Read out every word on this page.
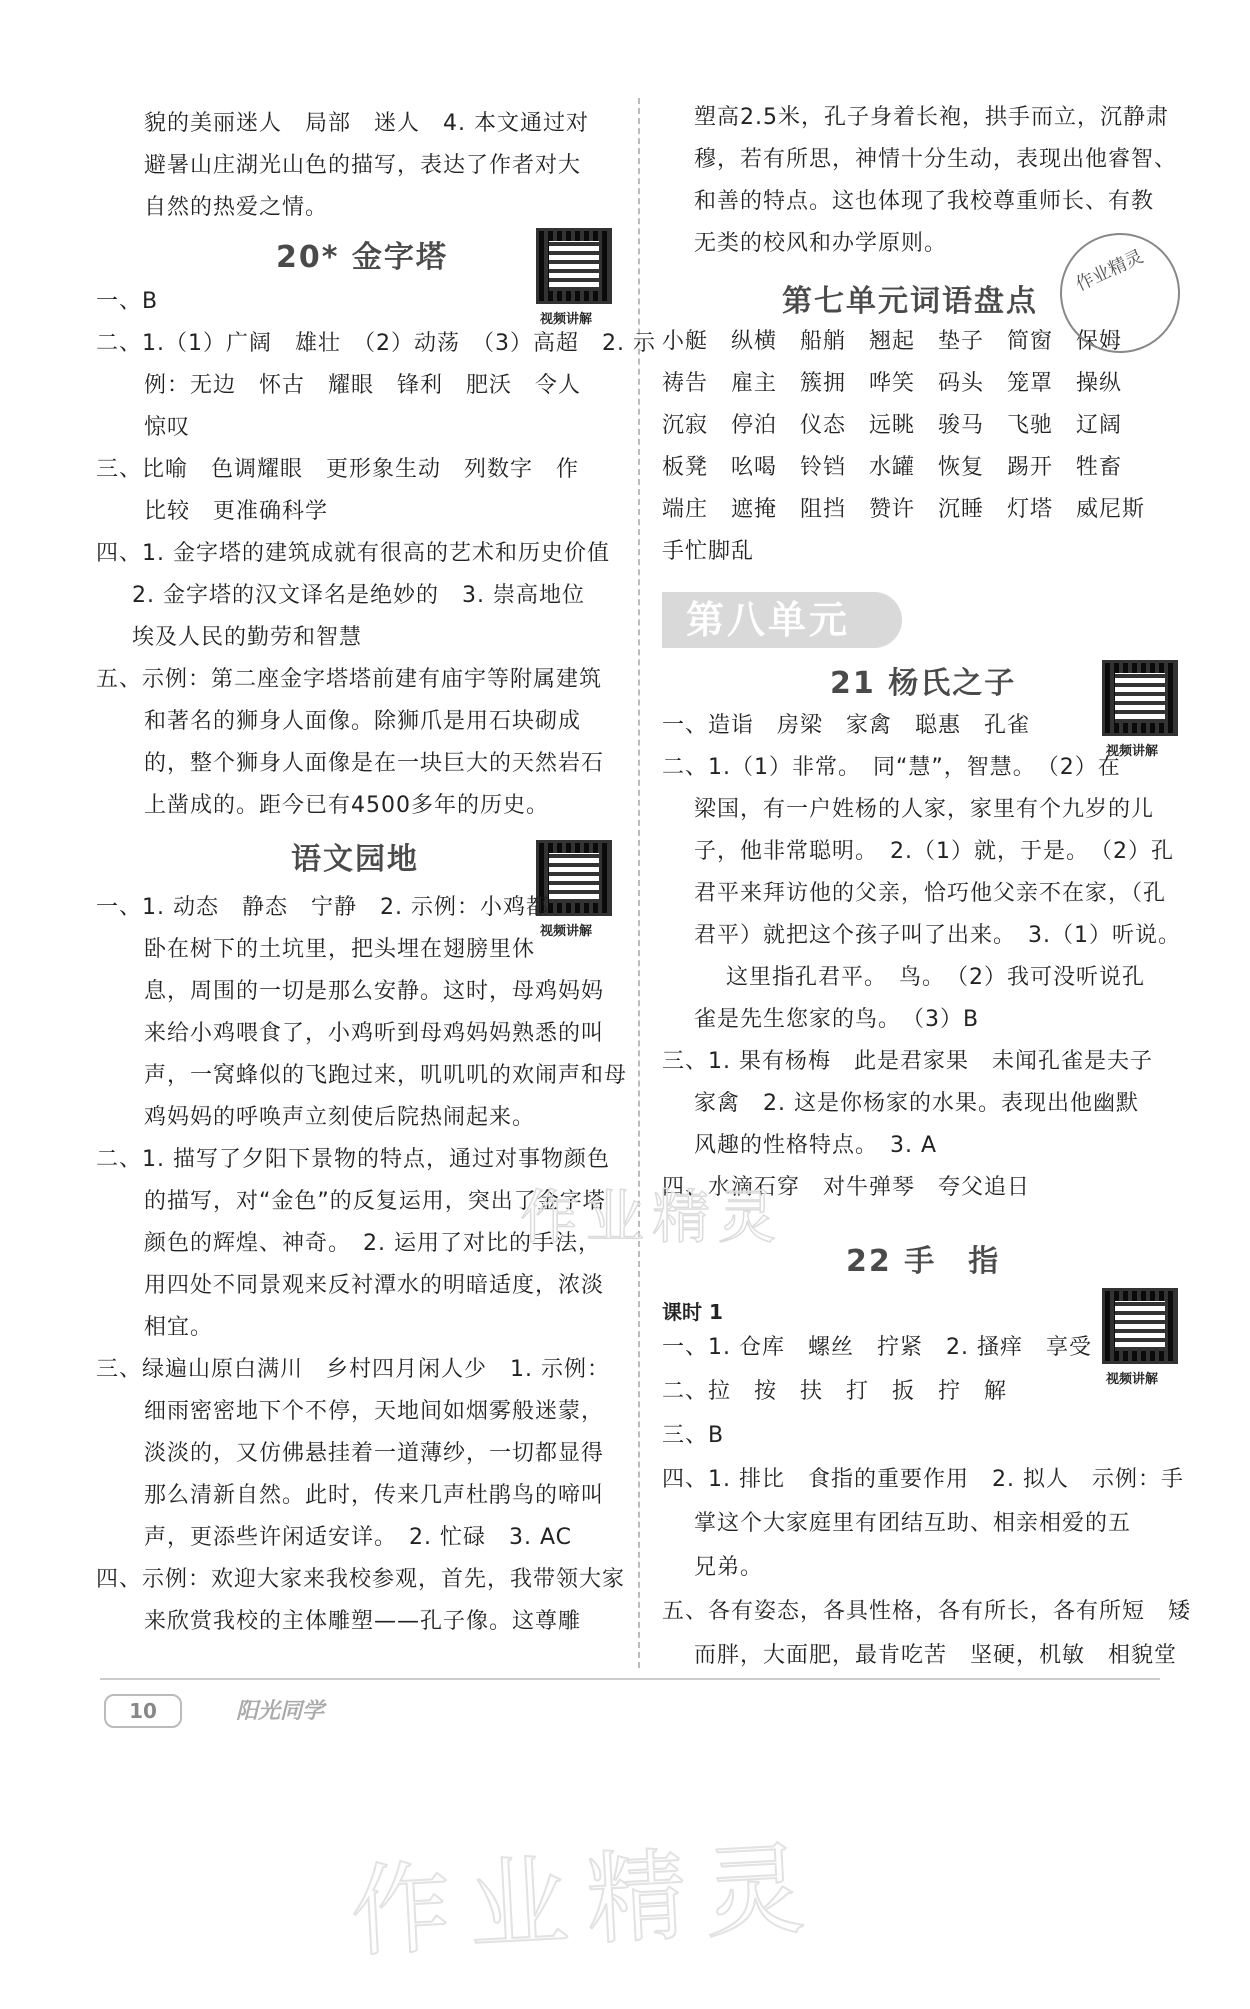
貌的美丽迷人　局部　迷人　4. 本文通过对
避暑山庄湖光山色的描写，表达了作者对大
自然的热爱之情。
20* 金字塔
视频讲解
一、B
二、1.（1）广阔　雄壮　（2）动荡　（3）高超　2. 示
例：无边　怀古　耀眼　锋利　肥沃　令人
惊叹
三、比喻　色调耀眼　更形象生动　列数字　作
比较　更准确科学
四、1. 金字塔的建筑成就有很高的艺术和历史价值
2. 金字塔的汉文译名是绝妙的　3. 崇高地位
埃及人民的勤劳和智慧
五、示例：第二座金字塔塔前建有庙宇等附属建筑
和著名的狮身人面像。除狮爪是用石块砌成
的，整个狮身人面像是在一块巨大的天然岩石
上凿成的。距今已有4500多年的历史。
语文园地
视频讲解
一、1. 动态　静态　宁静　2. 示例：小鸡都
卧在树下的土坑里，把头埋在翅膀里休
息，周围的一切是那么安静。这时，母鸡妈妈
来给小鸡喂食了，小鸡听到母鸡妈妈熟悉的叫
声，一窝蜂似的飞跑过来，叽叽叽的欢闹声和母
鸡妈妈的呼唤声立刻使后院热闹起来。
二、1. 描写了夕阳下景物的特点，通过对事物颜色
的描写，对“金色”的反复运用，突出了金字塔
颜色的辉煌、神奇。　2. 运用了对比的手法，
用四处不同景观来反衬潭水的明暗适度，浓淡
相宜。
三、绿遍山原白满川　乡村四月闲人少　1. 示例：
细雨密密地下个不停，天地间如烟雾般迷蒙，
淡淡的，又仿佛悬挂着一道薄纱，一切都显得
那么清新自然。此时，传来几声杜鹃鸟的啼叫
声，更添些许闲适安详。　2. 忙碌　3. AC
四、示例：欢迎大家来我校参观，首先，我带领大家
来欣赏我校的主体雕塑——孔子像。这尊雕
塑高2.5米，孔子身着长袍，拱手而立，沉静肃
穆，若有所思，神情十分生动，表现出他睿智、
和善的特点。这也体现了我校尊重师长、有教
无类的校风和办学原则。
第七单元词语盘点
小艇　纵横　船艄　翘起　垫子　简窗　保姆
祷告　雇主　簇拥　哗笑　码头　笼罩　操纵
沉寂　停泊　仪态　远眺　骏马　飞驰　辽阔
板凳　吆喝　铃铛　水罐　恢复　踢开　牲畜
端庄　遮掩　阻挡　赞许　沉睡　灯塔　威尼斯
手忙脚乱
第八单元
21 杨氏之子
视频讲解
一、造诣　房梁　家禽　聪惠　孔雀
二、1.（1）非常。　同“慧”，智慧。　（2）在
梁国，有一户姓杨的人家，家里有个九岁的儿
子，他非常聪明。　2.（1）就，于是。　（2）孔
君平来拜访他的父亲，恰巧他父亲不在家，（孔
君平）就把这个孩子叫了出来。　3.（1）听说。
这里指孔君平。　鸟。　（2）我可没听说孔
雀是先生您家的鸟。　（3）B
三、1. 果有杨梅　此是君家果　未闻孔雀是夫子
家禽　2. 这是你杨家的水果。表现出他幽默
风趣的性格特点。　3. A
四、水滴石穿　对牛弹琴　夸父追日
22 手　指
课时 1
视频讲解
一、1. 仓库　螺丝　拧紧　2. 搔痒　享受
二、拉　按　扶　打　扳　拧　解
三、B
四、1. 排比　食指的重要作用　2. 拟人　示例：手
掌这个大家庭里有团结互助、相亲相爱的五
兄弟。
五、各有姿态，各具性格，各有所长，各有所短　矮
而胖，大面肥，最肯吃苦　坚硬，机敏　相貌堂
作业精灵
作业精灵
10	阳光同学
作业精灵
